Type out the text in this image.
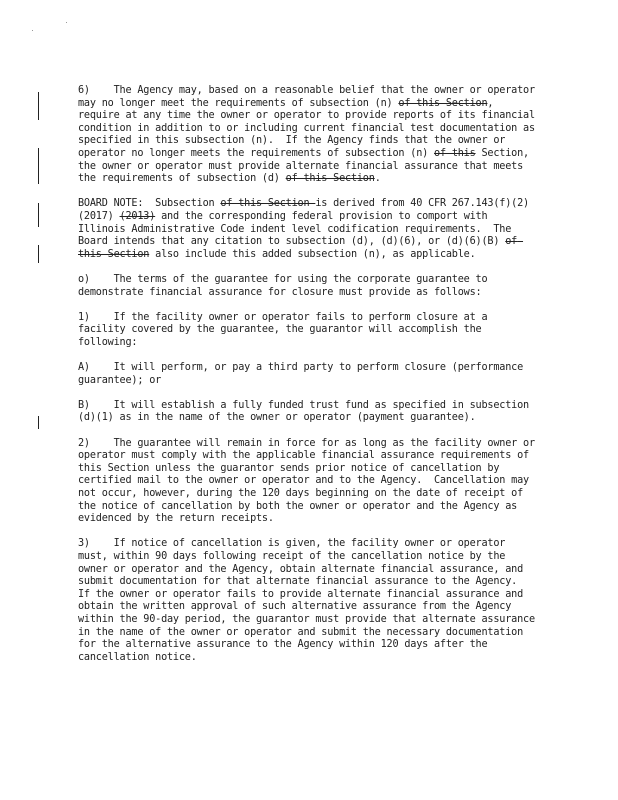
6)    The Agency may, based on a reasonable belief that the owner or operator may no longer meet the requirements of subsection (n) of this Section, require at any time the owner or operator to provide reports of its financial condition in addition to or including current financial test documentation as specified in this subsection (n).  If the Agency finds that the owner or operator no longer meets the requirements of subsection (n) of this Section, the owner or operator must provide alternate financial assurance that meets the requirements of subsection (d) of this Section.

BOARD NOTE:  Subsection of this Section is derived from 40 CFR 267.143(f)(2) (2017) (2013) and the corresponding federal provision to comport with Illinois Administrative Code indent level codification requirements.  The Board intends that any citation to subsection (d), (d)(6), or (d)(6)(B) of this Section also include this added subsection (n), as applicable.

o)    The terms of the guarantee for using the corporate guarantee to demonstrate financial assurance for closure must provide as follows:

1)    If the facility owner or operator fails to perform closure at a facility covered by the guarantee, the guarantor will accomplish the following:

A)    It will perform, or pay a third party to perform closure (performance guarantee); or

B)    It will establish a fully funded trust fund as specified in subsection (d)(1) as in the name of the owner or operator (payment guarantee).

2)    The guarantee will remain in force for as long as the facility owner or operator must comply with the applicable financial assurance requirements of this Section unless the guarantor sends prior notice of cancellation by certified mail to the owner or operator and to the Agency.  Cancellation may not occur, however, during the 120 days beginning on the date of receipt of the notice of cancellation by both the owner or operator and the Agency as evidenced by the return receipts.

3)    If notice of cancellation is given, the facility owner or operator must, within 90 days following receipt of the cancellation notice by the owner or operator and the Agency, obtain alternate financial assurance, and submit documentation for that alternate financial assurance to the Agency.  If the owner or operator fails to provide alternate financial assurance and obtain the written approval of such alternative assurance from the Agency within the 90-day period, the guarantor must provide that alternate assurance in the name of the owner or operator and submit the necessary documentation for the alternative assurance to the Agency within 120 days after the cancellation notice.
